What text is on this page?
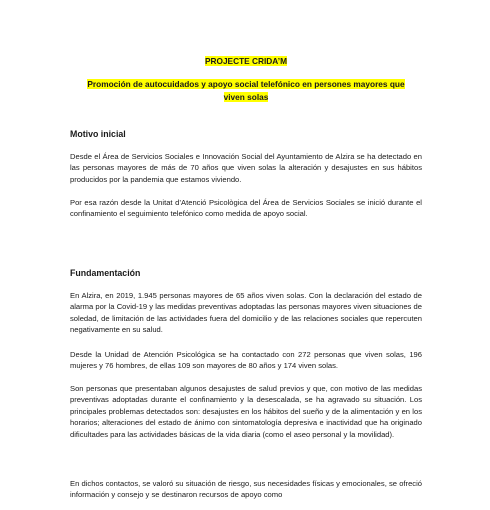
PROJECTE CRIDA’M
Promoción de autocuidados y apoyo social telefónico en persones mayores que
viven solas
Motivo inicial

Desde el Área de Servicios Sociales e Innovación Social del Ayuntamiento de Alzira se ha detectado en las personas mayores de más de 70 años que viven solas la alteración y desajustes en sus hábitos producidos por la pandemia que estamos viviendo.

Por esa razón desde la Unitat d’Atenció Psicològica del Área de Servicios Sociales se inició durante el confinamiento el seguimiento telefónico como medida de apoyo social.

Fundamentación

En Alzira, en 2019, 1.945 personas mayores de 65 años viven solas. Con la declaración del estado de alarma por la Covid-19 y las medidas preventivas adoptadas las personas mayores viven situaciones de soledad, de limitación de las actividades fuera del domicilio y de las relaciones sociales que repercuten negativamente en su salud.

Desde la Unidad de Atención Psicológica se ha contactado con 272 personas que viven solas, 196 mujeres y 76 hombres, de ellas 109 son mayores de 80 años y 174 viven solas.

Son personas que presentaban algunos desajustes de salud previos y que, con motivo de las medidas preventivas adoptadas durante el confinamiento y la desescalada, se ha agravado su situación. Los principales problemas detectados son: desajustes en los hábitos del sueño y de la alimentación y en los horarios; alteraciones del estado de ánimo con sintomatología depresiva e inactividad que ha originado dificultades para las actividades básicas de la vida diaria (como el aseo personal y la movilidad).

En dichos contactos, se valoró su situación de riesgo, sus necesidades físicas y emocionales, se ofreció información y consejo y se destinaron recursos de apoyo como
